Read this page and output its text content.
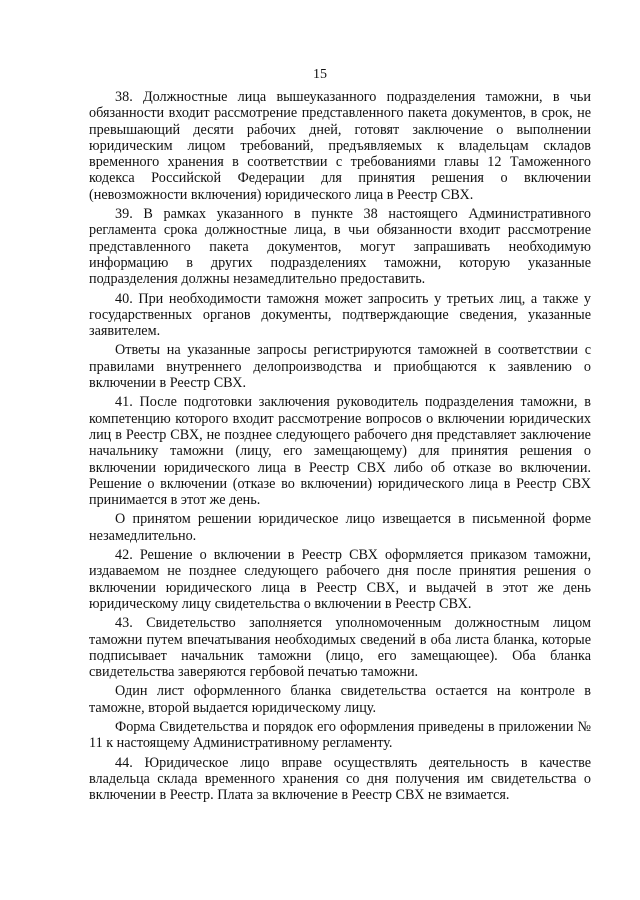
15

38. Должностные лица вышеуказанного подразделения таможни, в чьи обязанности входит рассмотрение представленного пакета документов, в срок, не превышающий десяти рабочих дней, готовят заключение о выполнении юридическим лицом требований, предъявляемых к владельцам складов временного хранения в соответствии с требованиями главы 12 Таможенного кодекса Российской Федерации для принятия решения о включении (невозможности включения) юридического лица в Реестр СВХ.

39. В рамках указанного в пункте 38 настоящего Административного регламента срока должностные лица, в чьи обязанности входит рассмотрение представленного пакета документов, могут запрашивать необходимую информацию в других подразделениях таможни, которую указанные подразделения должны незамедлительно предоставить.

40. При необходимости таможня может запросить у третьих лиц, а также у государственных органов документы, подтверждающие сведения, указанные заявителем.

Ответы на указанные запросы регистрируются таможней в соответствии с правилами внутреннего делопроизводства и приобщаются к заявлению о включении в Реестр СВХ.

41. После подготовки заключения руководитель подразделения таможни, в компетенцию которого входит рассмотрение вопросов о включении юридических лиц в Реестр СВХ, не позднее следующего рабочего дня представляет заключение начальнику таможни (лицу, его замещающему) для принятия решения о включении юридического лица в Реестр СВХ либо об отказе во включении. Решение о включении (отказе во включении) юридического лица в Реестр СВХ принимается в этот же день.

О принятом решении юридическое лицо извещается в письменной форме незамедлительно.

42. Решение о включении в Реестр СВХ оформляется приказом таможни, издаваемом не позднее следующего рабочего дня после принятия решения о включении юридического лица в Реестр СВХ, и выдачей в этот же день юридическому лицу свидетельства о включении в Реестр СВХ.

43. Свидетельство заполняется уполномоченным должностным лицом таможни путем впечатывания необходимых сведений в оба листа бланка, которые подписывает начальник таможни (лицо, его замещающее). Оба бланка свидетельства заверяются гербовой печатью таможни.

Один лист оформленного бланка свидетельства остается на контроле в таможне, второй выдается юридическому лицу.

Форма Свидетельства и порядок его оформления приведены в приложении № 11 к настоящему Административному регламенту.

44. Юридическое лицо вправе осуществлять деятельность в качестве владельца склада временного хранения со дня получения им свидетельства о включении в Реестр. Плата за включение в Реестр СВХ не взимается.
